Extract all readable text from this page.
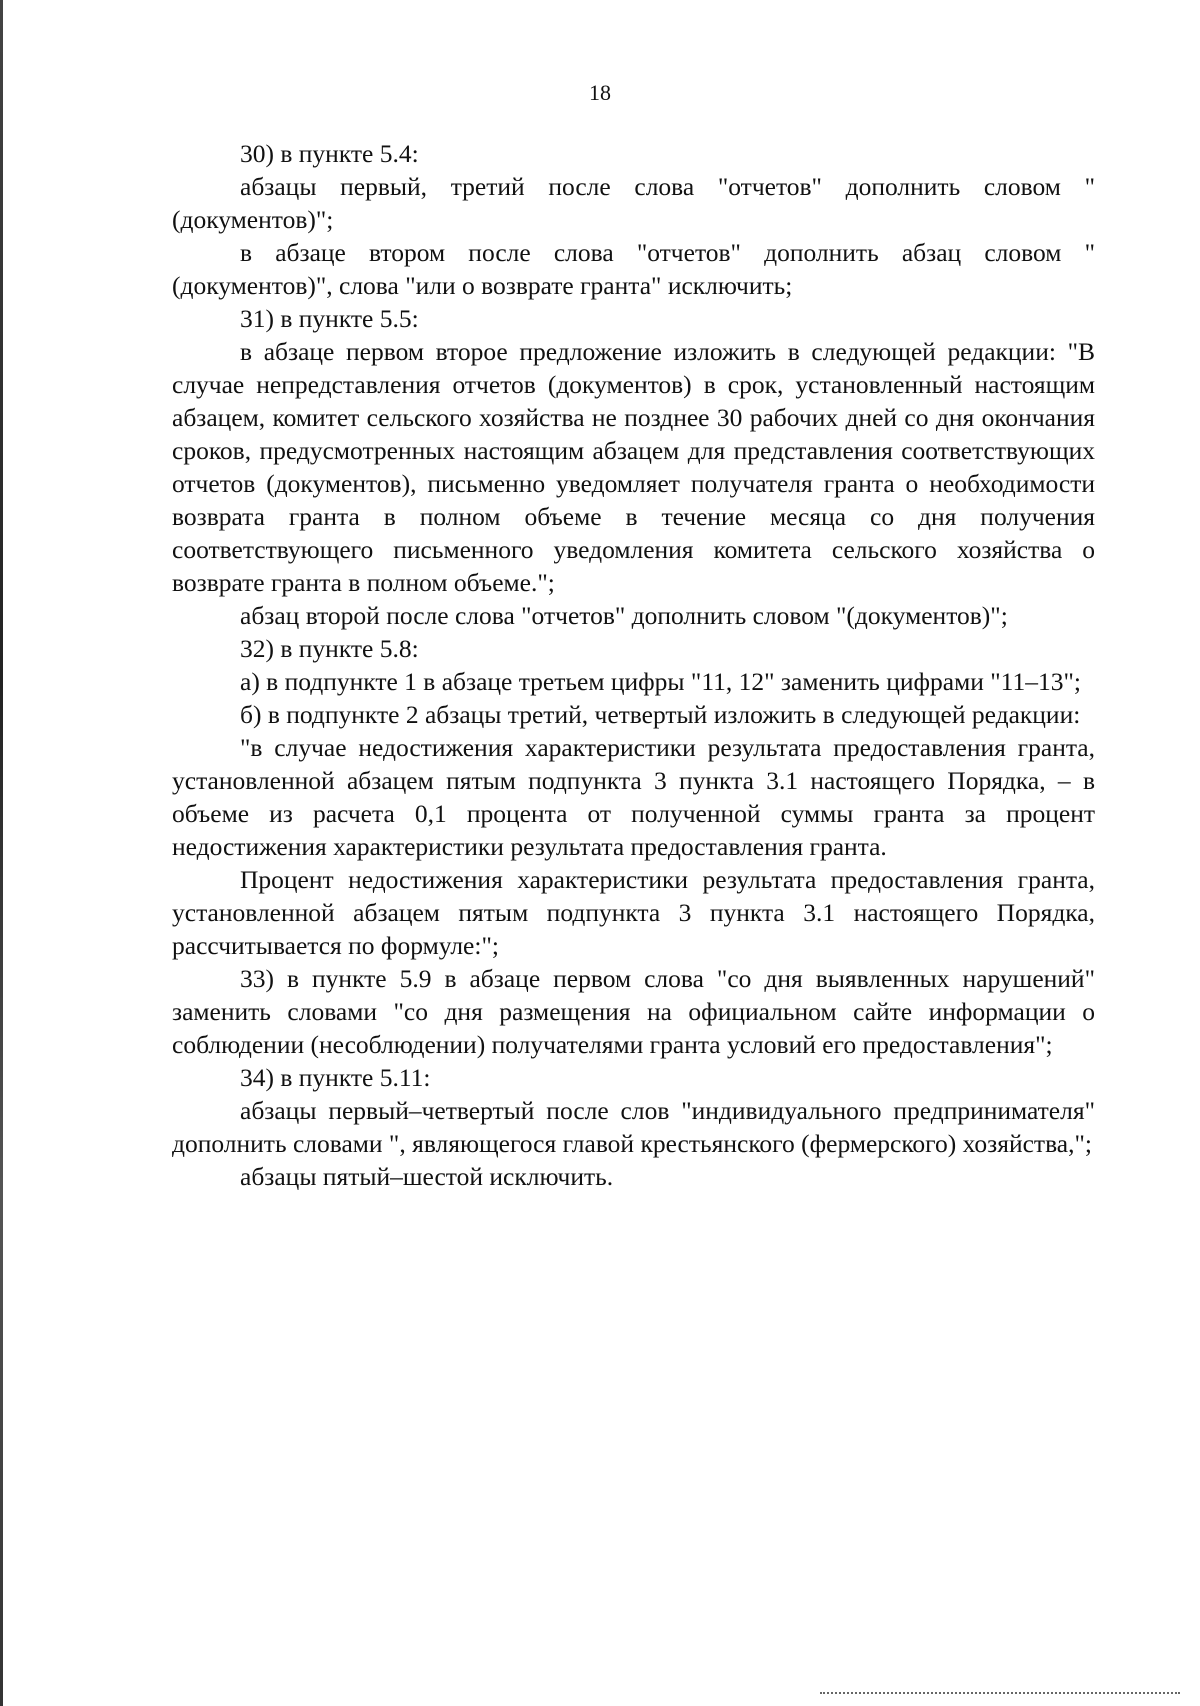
18

30) в пункте 5.4:

абзацы первый, третий после слова "отчетов" дополнить словом "(документов)";

в абзаце втором после слова "отчетов" дополнить абзац словом "(документов)", слова "или о возврате гранта" исключить;

31) в пункте 5.5:

в абзаце первом второе предложение изложить в следующей редакции: "В случае непредставления отчетов (документов) в срок, установленный настоящим абзацем, комитет сельского хозяйства не позднее 30 рабочих дней со дня окончания сроков, предусмотренных настоящим абзацем для представления соответствующих отчетов (документов), письменно уведомляет получателя гранта о необходимости возврата гранта в полном объеме в течение месяца со дня получения соответствующего письменного уведомления комитета сельского хозяйства о возврате гранта в полном объеме.";

абзац второй после слова "отчетов" дополнить словом "(документов)";

32) в пункте 5.8:

а) в подпункте 1 в абзаце третьем цифры "11, 12" заменить цифрами "11–13";

б) в подпункте 2 абзацы третий, четвертый изложить в следующей редакции:

"в случае недостижения характеристики результата предоставления гранта, установленной абзацем пятым подпункта 3 пункта 3.1 настоящего Порядка, – в объеме из расчета 0,1 процента от полученной суммы гранта за процент недостижения характеристики результата предоставления гранта.

Процент недостижения характеристики результата предоставления гранта, установленной абзацем пятым подпункта 3 пункта 3.1 настоящего Порядка, рассчитывается по формуле:";

33) в пункте 5.9 в абзаце первом слова "со дня выявленных нарушений" заменить словами "со дня размещения на официальном сайте информации о соблюдении (несоблюдении) получателями гранта условий его предоставления";

34) в пункте 5.11:

абзацы первый–четвертый после слов "индивидуального предпринимателя" дополнить словами ", являющегося главой крестьянского (фермерского) хозяйства,";

абзацы пятый–шестой исключить.
